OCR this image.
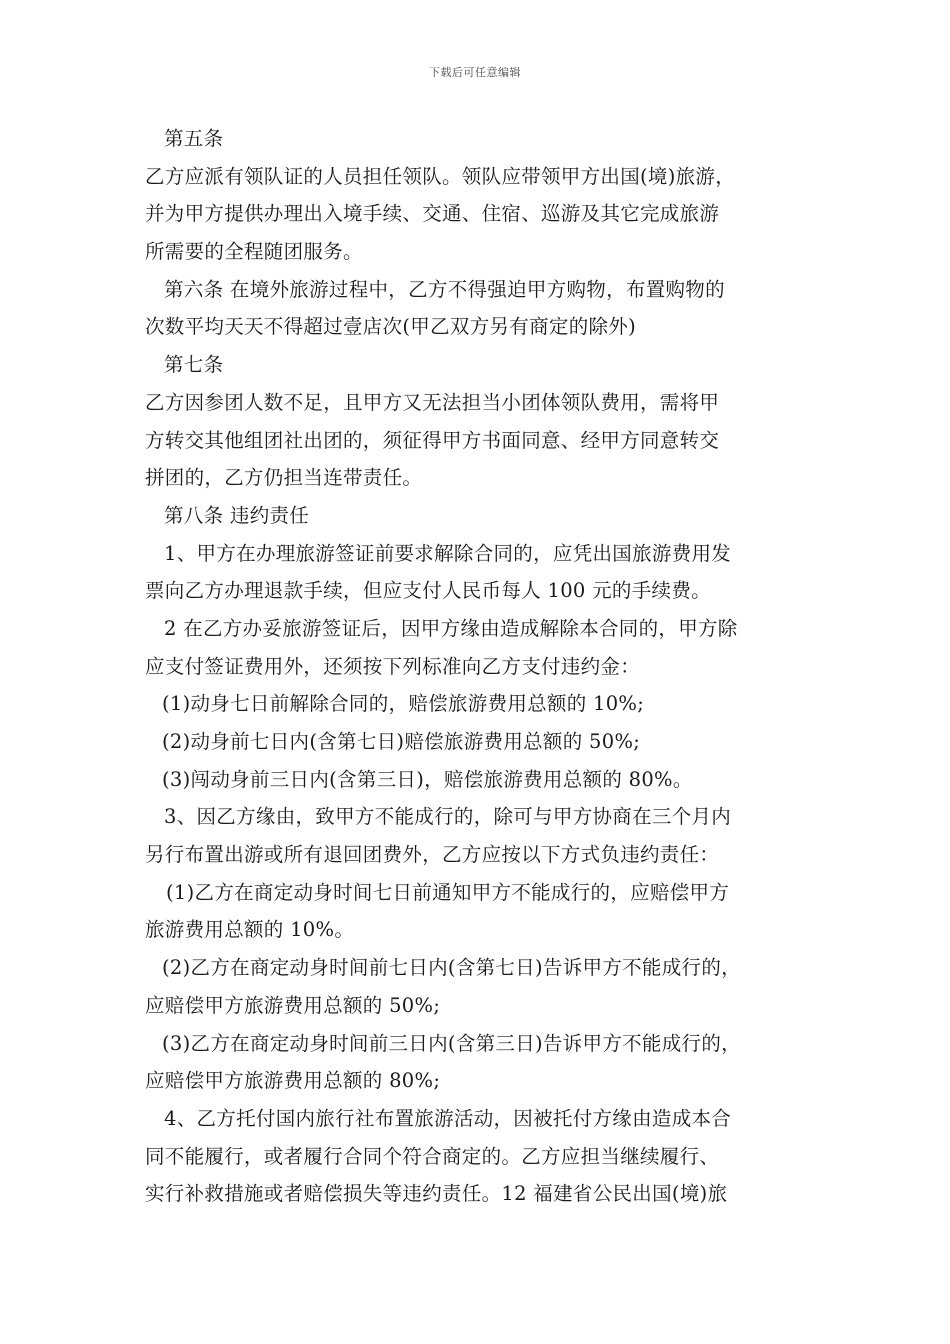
下载后可任意编辑
第五条
乙方应派有领队证的人员担任领队。领队应带领甲方出国(境)旅游，
并为甲方提供办理出入境手续、交通、住宿、巡游及其它完成旅游
所需要的全程随团服务。
第六条 在境外旅游过程中，乙方不得强迫甲方购物，布置购物的
次数平均天天不得超过壹店次(甲乙双方另有商定的除外)
第七条
乙方因参团人数不足，且甲方又无法担当小团体领队费用，需将甲
方转交其他组团社出团的，须征得甲方书面同意、经甲方同意转交
拼团的，乙方仍担当连带责任。
第八条 违约责任
1、甲方在办理旅游签证前要求解除合同的，应凭出国旅游费用发
票向乙方办理退款手续，但应支付人民币每人 100 元的手续费。
2 在乙方办妥旅游签证后，因甲方缘由造成解除本合同的，甲方除
应支付签证费用外，还须按下列标准向乙方支付违约金：
(1)动身七日前解除合同的，赔偿旅游费用总额的 10%;
(2)动身前七日内(含第七日)赔偿旅游费用总额的 50%;
(3)闯动身前三日内(含第三日)，赔偿旅游费用总额的 80%。
3、因乙方缘由，致甲方不能成行的，除可与甲方协商在三个月内
另行布置出游或所有退回团费外，乙方应按以下方式负违约责任：
(1)乙方在商定动身时间七日前通知甲方不能成行的，应赔偿甲方
旅游费用总额的 10%。
(2)乙方在商定动身时间前七日内(含第七日)告诉甲方不能成行的，
应赔偿甲方旅游费用总额的 50%;
(3)乙方在商定动身时间前三日内(含第三日)告诉甲方不能成行的，
应赔偿甲方旅游费用总额的 80%;
4、乙方托付国内旅行社布置旅游活动，因被托付方缘由造成本合
同不能履行，或者履行合同个符合商定的。乙方应担当继续履行、
实行补救措施或者赔偿损失等违约责任。12 福建省公民出国(境)旅
